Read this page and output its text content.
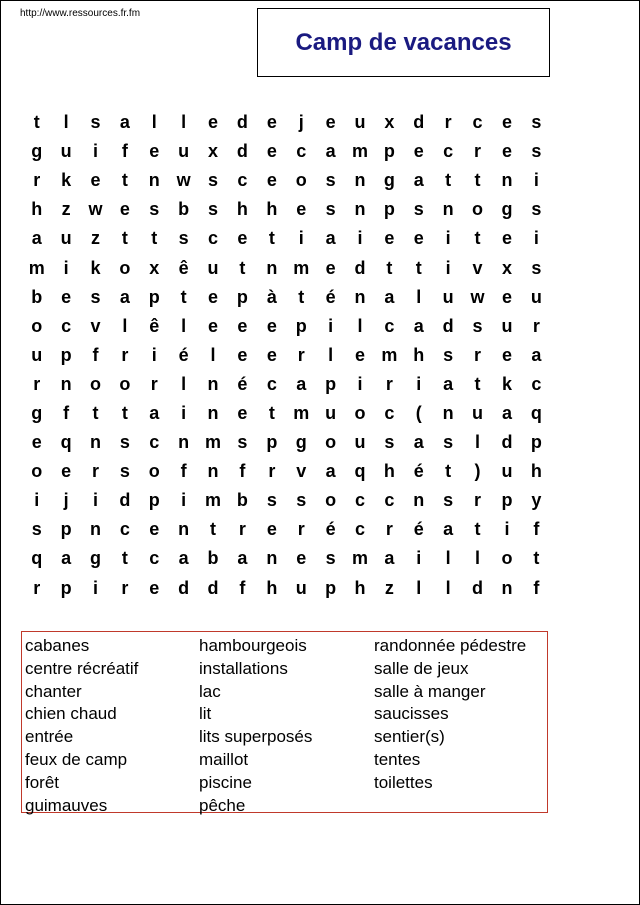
http://www.ressources.fr.fm
Camp de vacances
t	l	s	a	l	l	e	d	e	j	e	u	x	d	r	c	e	s
g	u	i	f	e	u	x	d	e	c	a m p	e	c	r	e	s
r	k	e	t	n w s	c	e	o	s	n	g	a	t	t	n	i
h	z w e	s	b	s	h	h	e	s	n	p	s	n	o	g	s
a	u	z	t	t	s	c	e	t	i	a	i	e	e	i	t	e	i
m	i	k	o	x	ê	u	t	n m e	d	t	t	i	v	x	s
b	e	s	a	p	t	e	p	à	t	é	n	a	l	u w e	u
o	c	v	l	ê	l	e	e	e	p	i	l	c	a	d	s	u	r
u	p	f	r	i	é	l	e	e	r	l	e m h	s	r	e	a
r	n	o	o	r	l	n	é	c	a	p	i	r	i	a	t	k	c
g	f	t	t	a	i	n	e	t	m u	o	c	(	n	u	a	q
e	q	n	s	c	n m s	p	g	o	u	s	a	s	l	d	p
o	e	r	s	o	f	n	f	r	v	a	q	h	é	t	)	u	h
i	j	i	d	p	i	m b	s	s	o	c	c	n	s	r	p	y
s	p	n	c	e	n	t	r	e	r	é	c	r	é	a	t	i	f
q	a	g	t	c	a	b	a	n	e	s m a	i	l	l	o	t
r	p	i	r	e	d	d	f	h	u	p	h	z	l	l	d	n	f
cabanes
centre récréatif
chanter
chien chaud
entrée
feux de camp
forêt
guimauves
hambourgeois
installations
lac
lit
lits superposés
maillot
piscine
pêche
randonnée pédestre
salle de jeux
salle à manger
saucisses
sentier(s)
tentes
toilettes
